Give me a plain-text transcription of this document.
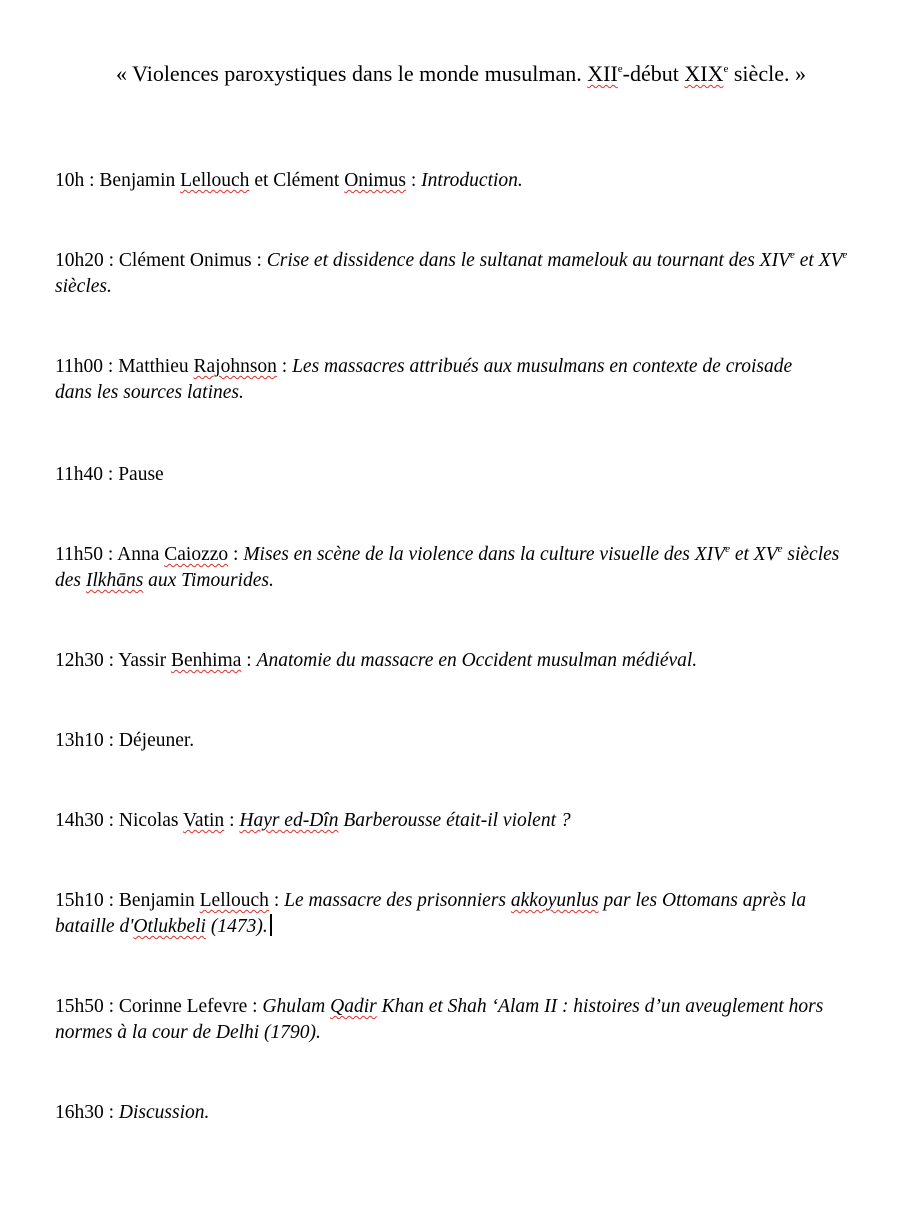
« Violences paroxystiques dans le monde musulman. XIIe-début XIXe siècle. »
10h : Benjamin Lellouch et Clément Onimus : Introduction.
10h20 : Clément Onimus : Crise et dissidence dans le sultanat mamelouk au tournant des XIVe et XVe siècles.
11h00 : Matthieu Rajohnson : Les massacres attribués aux musulmans en contexte de croisade dans les sources latines.
11h40 : Pause
11h50 : Anna Caiozzo : Mises en scène de la violence dans la culture visuelle des XIVe et XVe siècles des Ilkhāns aux Timourides.
12h30 : Yassir Benhima : Anatomie du massacre en Occident musulman médiéval.
13h10 : Déjeuner.
14h30 : Nicolas Vatin : Hayr ed-Dîn Barberousse était-il violent ?
15h10 : Benjamin Lellouch : Le massacre des prisonniers akkoyunlus par les Ottomans après la bataille d'Otlukbeli (1473).
15h50 : Corinne Lefevre : Ghulam Qadir Khan et Shah ‘Alam II : histoires d’un aveuglement hors normes à la cour de Delhi (1790).
16h30 : Discussion.
